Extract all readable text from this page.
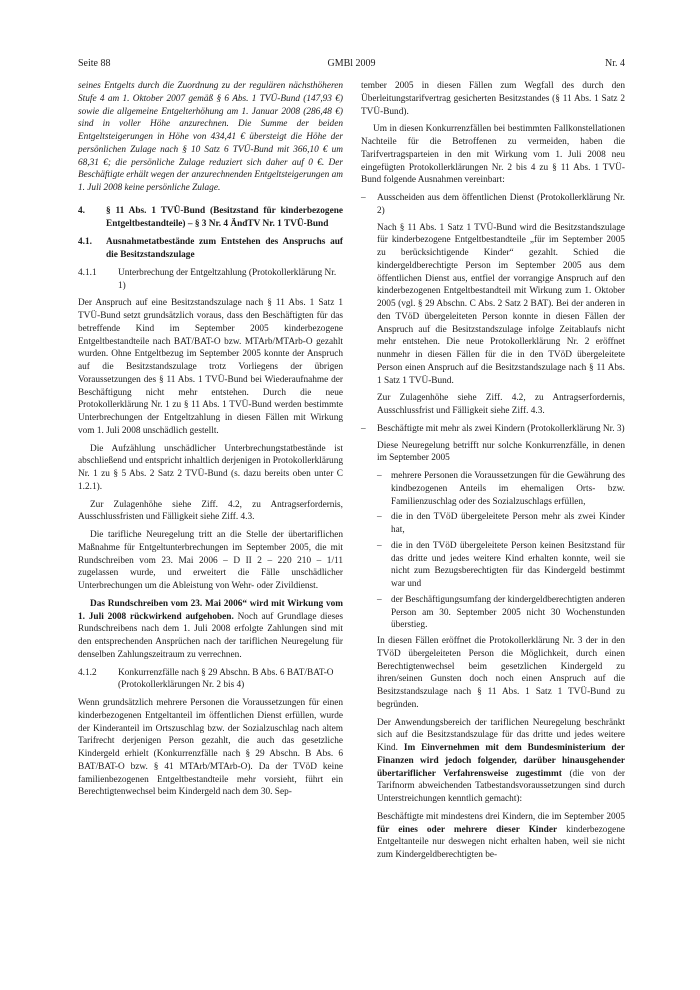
Seite 88	GMBl 2009	Nr. 4

seines Entgelts durch die Zuordnung zu der regulären nächsthöheren Stufe 4 am 1. Oktober 2007 gemäß § 6 Abs. 1 TVÜ-Bund (147,93 €) sowie die allgemeine Entgelterhöhung am 1. Januar 2008 (286,48 €) sind in voller Höhe anzurechnen. Die Summe der beiden Entgeltsteigerungen in Höhe von 434,41 € übersteigt die Höhe der persönlichen Zulage nach § 10 Satz 6 TVÜ-Bund mit 366,10 € um 68,31 €; die persönliche Zulage reduziert sich daher auf 0 €. Der Beschäftigte erhält wegen der anzurechnenden Entgeltsteigerungen am 1. Juli 2008 keine persönliche Zulage.

4.	§ 11 Abs. 1 TVÜ-Bund (Besitzstand für kinderbezogene Entgeltbestandteile) – § 3 Nr. 4 ÄndTV Nr. 1 TVÜ-Bund
4.1.	Ausnahmetatbestände zum Entstehen des Anspruchs auf die Besitzstandszulage
4.1.1	Unterbrechung der Entgeltzahlung (Protokollerklärung Nr. 1)

Der Anspruch auf eine Besitzstandszulage nach § 11 Abs. 1 Satz 1 TVÜ-Bund setzt grundsätzlich voraus, dass den Beschäftigten für das betreffende Kind im September 2005 kinderbezogene Entgeltbestandteile nach BAT/BAT-O bzw. MTArb/MTArb-O gezahlt wurden. Ohne Entgeltbezug im September 2005 konnte der Anspruch auf die Besitzstandszulage trotz Vorliegens der übrigen Voraussetzungen des § 11 Abs. 1 TVÜ-Bund bei Wiederaufnahme der Beschäftigung nicht mehr entstehen. Durch die neue Protokollerklärung Nr. 1 zu § 11 Abs. 1 TVÜ-Bund werden bestimmte Unterbrechungen der Entgeltzahlung in diesen Fällen mit Wirkung vom 1. Juli 2008 unschädlich gestellt.

Die Aufzählung unschädlicher Unterbrechungstatbestände ist abschließend und entspricht inhaltlich derjenigen in Protokollerklärung Nr. 1 zu § 5 Abs. 2 Satz 2 TVÜ-Bund (s. dazu bereits oben unter C 1.2.1).

Zur Zulagenhöhe siehe Ziff. 4.2, zu Antragserfordernis, Ausschlussfristen und Fälligkeit siehe Ziff. 4.3.

Die tarifliche Neuregelung tritt an die Stelle der übertariflichen Maßnahme für Entgeltunterbrechungen im September 2005, die mit Rundschreiben vom 23. Mai 2006 – D II 2 – 220 210 – 1/11 zugelassen wurde, und erweitert die Fälle unschädlicher Unterbrechungen um die Ableistung von Wehr- oder Zivildienst.

Das Rundschreiben vom 23. Mai 2006“ wird mit Wirkung vom 1. Juli 2008 rückwirkend aufgehoben. Noch auf Grundlage dieses Rundschreibens nach dem 1. Juli 2008 erfolgte Zahlungen sind mit den entsprechenden Ansprüchen nach der tariflichen Neuregelung für denselben Zahlungszeitraum zu verrechnen.

4.1.2	Konkurrenzfälle nach § 29 Abschn. B Abs. 6 BAT/BAT-O (Protokollerklärungen Nr. 2 bis 4)

Wenn grundsätzlich mehrere Personen die Voraussetzungen für einen kinderbezogenen Entgeltanteil im öffentlichen Dienst erfüllen, wurde der Kinderanteil im Ortszuschlag bzw. der Sozialzuschlag nach altem Tarifrecht derjenigen Person gezahlt, die auch das gesetzliche Kindergeld erhielt (Konkurrenzfälle nach § 29 Abschn. B Abs. 6 BAT/BAT-O bzw. § 41 MTArb/MTArb-O). Da der TVöD keine familienbezogenen Entgeltbestandteile mehr vorsieht, führt ein Berechtigtenwechsel beim Kindergeld nach dem 30. Sep-

tember 2005 in diesen Fällen zum Wegfall des durch den Überleitungstarifvertrag gesicherten Besitzstandes (§ 11 Abs. 1 Satz 2 TVÜ-Bund).

Um in diesen Konkurrenzfällen bei bestimmten Fallkonstellationen Nachteile für die Betroffenen zu vermeiden, haben die Tarifvertragsparteien in den mit Wirkung vom 1. Juli 2008 neu eingefügten Protokollerklärungen Nr. 2 bis 4 zu § 11 Abs. 1 TVÜ-Bund folgende Ausnahmen vereinbart:

–	Ausscheiden aus dem öffentlichen Dienst (Protokollerklärung Nr. 2)

Nach § 11 Abs. 1 Satz 1 TVÜ-Bund wird die Besitzstandszulage für kinderbezogene Entgeltbestandteile „für im September 2005 zu berücksichtigende Kinder“ gezahlt. Schied die kindergeldberechtigte Person im September 2005 aus dem öffentlichen Dienst aus, entfiel der vorrangige Anspruch auf den kinderbezogenen Entgeltbestandteil mit Wirkung zum 1. Oktober 2005 (vgl. § 29 Abschn. C Abs. 2 Satz 2 BAT). Bei der anderen in den TVöD übergeleiteten Person konnte in diesen Fällen der Anspruch auf die Besitzstandszulage infolge Zeitablaufs nicht mehr entstehen. Die neue Protokollerklärung Nr. 2 eröffnet nunmehr in diesen Fällen für die in den TVöD übergeleitete Person einen Anspruch auf die Besitzstandszulage nach § 11 Abs. 1 Satz 1 TVÜ-Bund.

Zur Zulagenhöhe siehe Ziff. 4.2, zu Antragserfordernis, Ausschlussfrist und Fälligkeit siehe Ziff. 4.3.

–	Beschäftigte mit mehr als zwei Kindern (Protokollerklärung Nr. 3)

Diese Neuregelung betrifft nur solche Konkurrenzfälle, in denen im September 2005

–	mehrere Personen die Voraussetzungen für die Gewährung des kindbezogenen Anteils im ehemaligen Orts- bzw. Familienzuschlag oder des Sozialzuschlags erfüllen,
–	die in den TVöD übergeleitete Person mehr als zwei Kinder hat,
–	die in den TVöD übergeleitete Person keinen Besitzstand für das dritte und jedes weitere Kind erhalten konnte, weil sie nicht zum Bezugsberechtigten für das Kindergeld bestimmt war und
–	der Beschäftigungsumfang der kindergeldberechtigten anderen Person am 30. September 2005 nicht 30 Wochenstunden überstieg.

In diesen Fällen eröffnet die Protokollerklärung Nr. 3 der in den TVöD übergeleiteten Person die Möglichkeit, durch einen Berechtigtenwechsel beim gesetzlichen Kindergeld zu ihren/seinen Gunsten doch noch einen Anspruch auf die Besitzstandszulage nach § 11 Abs. 1 Satz 1 TVÜ-Bund zu begründen.

Der Anwendungsbereich der tariflichen Neuregelung beschränkt sich auf die Besitzstandszulage für das dritte und jedes weitere Kind. Im Einvernehmen mit dem Bundesministerium der Finanzen wird jedoch folgender, darüber hinausgehender übertariflicher Verfahrensweise zugestimmt (die von der Tarifnorm abweichenden Tatbestandsvoraussetzungen sind durch Unterstreichungen kenntlich gemacht):

Beschäftigte mit mindestens drei Kindern, die im September 2005 für eines oder mehrere dieser Kinder kinderbezogene Entgeltanteile nur deswegen nicht erhalten haben, weil sie nicht zum Kindergeldberechtigten be-
